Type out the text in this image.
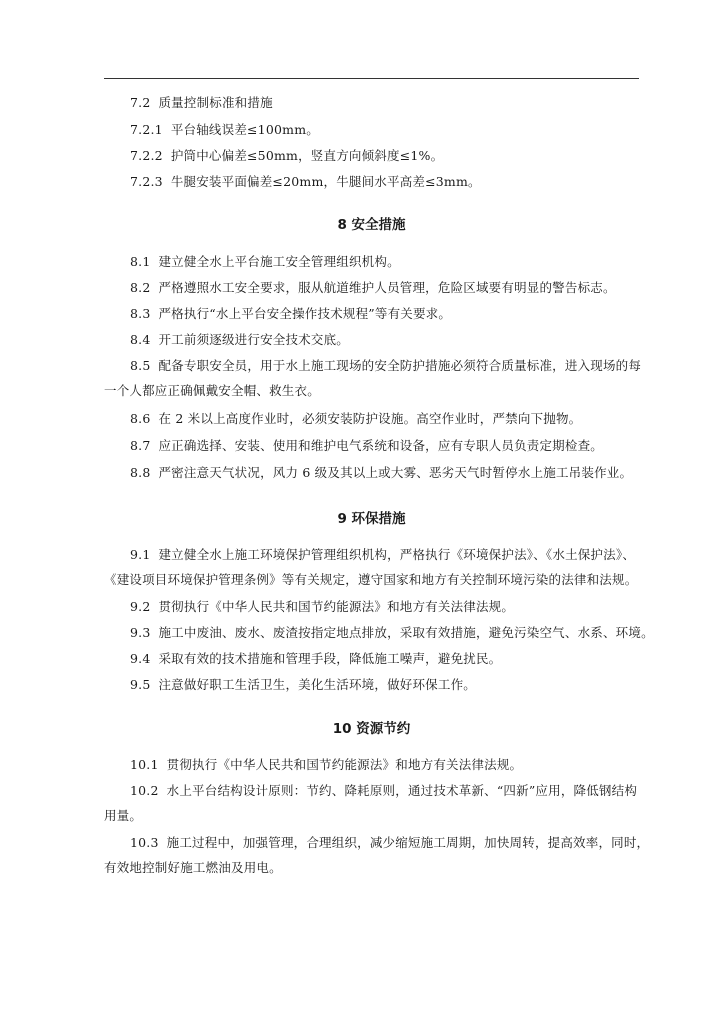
7.2 质量控制标准和措施
7.2.1 平台轴线误差≤100mm。
7.2.2 护筒中心偏差≤50mm，竖直方向倾斜度≤1%。
7.2.3 牛腿安装平面偏差≤20mm，牛腿间水平高差≤3mm。
8 安全措施
8.1 建立健全水上平台施工安全管理组织机构。
8.2 严格遵照水工安全要求，服从航道维护人员管理，危险区域要有明显的警告标志。
8.3 严格执行“水上平台安全操作技术规程”等有关要求。
8.4 开工前须逐级进行安全技术交底。
8.5 配备专职安全员，用于水上施工现场的安全防护措施必须符合质量标准，进入现场的每
一个人都应正确佩戴安全帽、救生衣。
8.6 在 2 米以上高度作业时，必须安装防护设施。高空作业时，严禁向下抛物。
8.7 应正确选择、安装、使用和维护电气系统和设备，应有专职人员负责定期检查。
8.8 严密注意天气状况，风力 6 级及其以上或大雾、恶劣天气时暂停水上施工吊装作业。
9 环保措施
9.1 建立健全水上施工环境保护管理组织机构，严格执行《环境保护法》、《水土保护法》、
《建设项目环境保护管理条例》等有关规定，遵守国家和地方有关控制环境污染的法律和法规。
9.2 贯彻执行《中华人民共和国节约能源法》和地方有关法律法规。
9.3 施工中废油、废水、废渣按指定地点排放，采取有效措施，避免污染空气、水系、环境。
9.4 采取有效的技术措施和管理手段，降低施工噪声，避免扰民。
9.5 注意做好职工生活卫生，美化生活环境，做好环保工作。
10 资源节约
10.1 贯彻执行《中华人民共和国节约能源法》和地方有关法律法规。
10.2 水上平台结构设计原则：节约、降耗原则，通过技术革新、“四新”应用，降低钢结构
用量。
10.3 施工过程中，加强管理，合理组织，减少缩短施工周期，加快周转，提高效率，同时，
有效地控制好施工燃油及用电。
